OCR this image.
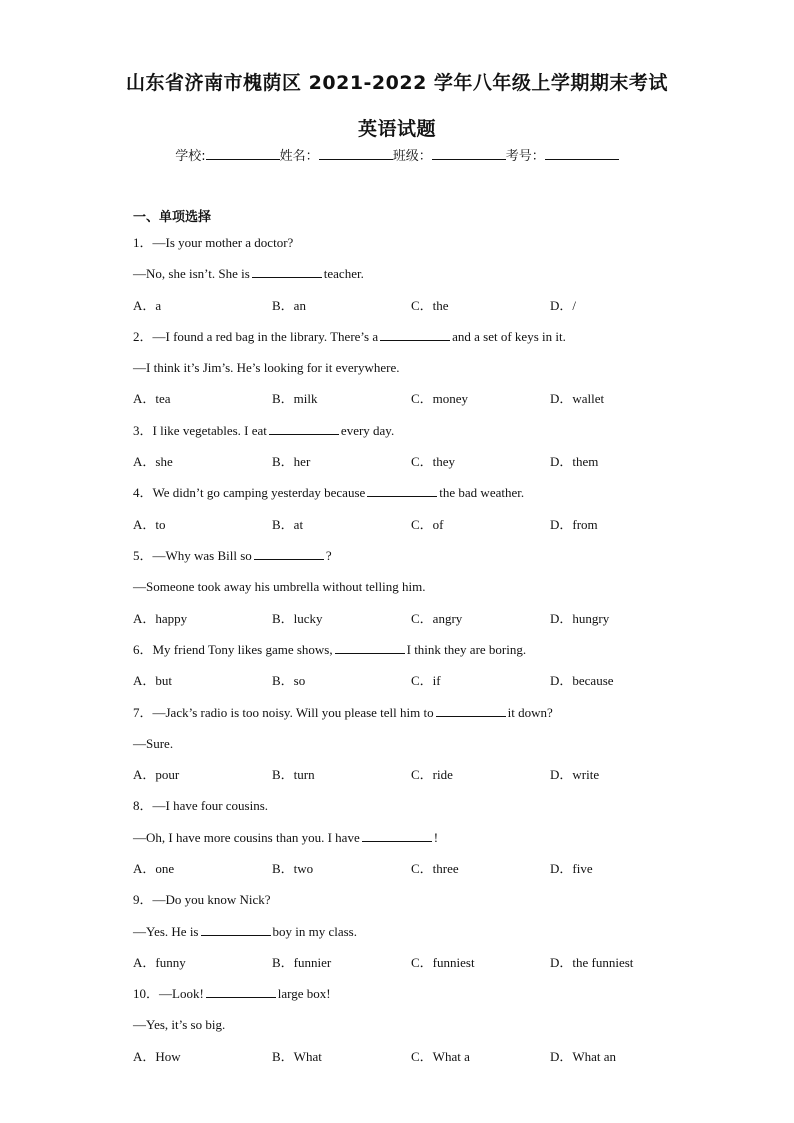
山东省济南市槐荫区 2021-2022 学年八年级上学期期末考试
英语试题
学校:	姓名：	班级：	考号：
一、单项选择
1．—Is your mother a doctor?
—No, she isn’t. She is	teacher.
A．a	B．an	C．the	D．/
2．—I found a red bag in the library. There’s a	and a set of keys in it.
—I think it’s Jim’s. He’s looking for it everywhere.
A．tea	B．milk	C．money	D．wallet
3．I like vegetables. I eat	every day.
A．she	B．her	C．they	D．them
4．We didn’t go camping yesterday because	the bad weather.
A．to	B．at	C．of	D．from
5．—Why was Bill so	?
—Someone took away his umbrella without telling him.
A．happy	B．lucky	C．angry	D．hungry
6．My friend Tony likes game shows,	I think they are boring.
A．but	B．so	C．if	D．because
7．—Jack’s radio is too noisy. Will you please tell him to	it down?
—Sure.
A．pour	B．turn	C．ride	D．write
8．—I have four cousins.
—Oh, I have more cousins than you. I have	!
A．one	B．two	C．three	D．five
9．—Do you know Nick?
—Yes. He is	boy in my class.
A．funny	B．funnier	C．funniest	D．the funniest
10．—Look!	large box!
—Yes, it’s so big.
A．How	B．What	C．What a	D．What an
